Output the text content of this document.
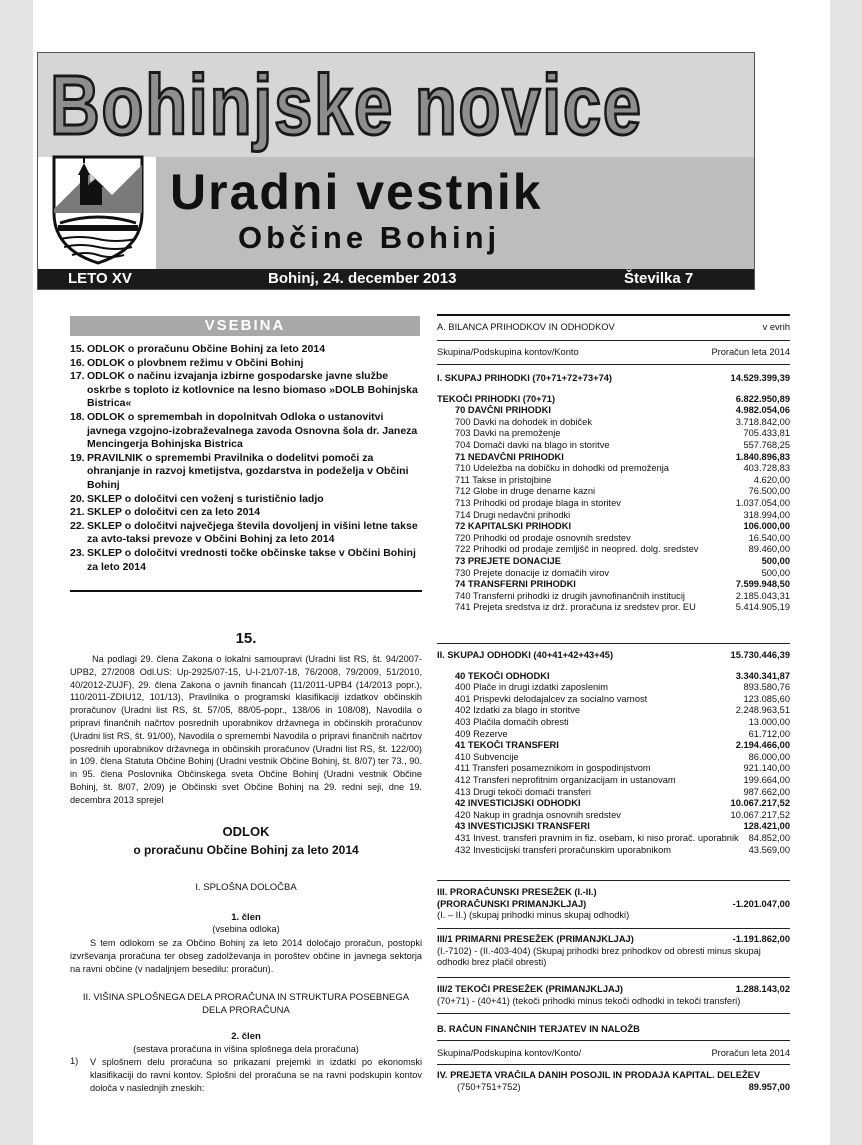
Bohinjske novice
Uradni vestnik
Občine Bohinj
LETO XV	Bohinj, 24. december 2013	Številka 7
VSEBINA
15. ODLOK o proračunu Občine Bohinj za leto 2014
16. ODLOK o plovbnem režimu v Občini Bohinj
17. ODLOK o načinu izvajanja izbirne gospodarske javne službe oskrbe s toploto iz kotlovnice na lesno biomaso »DOLB Bohinjska Bistrica«
18. ODLOK o spremembah in dopolnitvah Odloka o ustanovitvi javnega vzgojno-izobraževalnega zavoda Osnovna šola dr. Janeza Mencingerja Bohinjska Bistrica
19. PRAVILNIK o spremembi Pravilnika o dodelitvi pomoči za ohranjanje in razvoj kmetijstva, gozdarstva in podeželja v Občini Bohinj
20. SKLEP o določitvi cen voženj s turističnio ladjo
21. SKLEP o določitvi cen za leto 2014
22. SKLEP o določitvi največjega števila dovoljenj in višini letne takse za avto-taksi prevoze v Občini Bohinj za leto 2014
23. SKLEP o določitvi vrednosti točke občinske takse v Občini Bohinj za leto 2014
15.
Na podlagi 29. člena Zakona o lokalni samoupravi (Uradni list RS, št. 94/2007-UPB2, 27/2008 Odl.US: Up-2925/07-15, U-I-21/07-18, 76/2008, 79/2009, 51/2010, 40/2012-ZUJF), 29. člena Zakona o javnih financah (11/2011-UPB4 (14/2013 popr.), 110/2011-ZDIU12, 101/13), Pravilnika o programski klasifikaciji izdatkov občinskih proračunov (Uradni list RS, št. 57/05, 88/05-popr., 138/06 in 108/08), Navodila o pripravi finančnih načrtov posrednih uporabnikov državnega in občinskih proračunov (Uradni list RS, št. 91/00), Navodila o spremembi Navodila o pripravi finančnih načrtov posrednih uporabnikov državnega in občinskih proračunov (Uradni list RS, št. 122/00) in 109. člena Statuta Občine Bohinj (Uradni vestnik Občine Bohinj, št. 8/07) ter 73., 90. in 95. člena Poslovnika Občinskega sveta Občine Bohinj (Uradni vestnik Občine Bohinj, št. 8/07, 2/09) je Občinski svet Občine Bohinj na 29. redni seji, dne 19. decembra 2013 sprejel
ODLOK
o proračunu Občine Bohinj za leto 2014
I. SPLOŠNA DOLOČBA
1. člen
(vsebina odloka)
S tem odlokom se za Občino Bohinj za leto 2014 določajo proračun, postopki izvrševanja proračuna ter obseg zadolževanja in poroštev občine in javnega sektorja na ravni občine (v nadaljnjem besedilu: proračun).
II. VIŠINA SPLOŠNEGA DELA PRORAČUNA IN STRUKTURA POSEBNEGA DELA PRORAČUNA
2. člen
(sestava proračuna in višina splošnega dela proračuna)
1) V splošnem delu proračuna so prikazani prejemki in izdatki po ekonomski klasifikaciji do ravni kontov. Splošni del proračuna se na ravni podskupin kontov določa v naslednjih zneskih:
A. BILANCA PRIHODKOV IN ODHODKOV	v evrih
Skupina/Podskupina kontov/Konto	Proračun leta 2014
I. SKUPAJ PRIHODKI (70+71+72+73+74)	14.529.399,39
TEKOČI PRIHODKI (70+71)	6.822.950,89
70 DAVČNI PRIHODKI	4.982.054,06
700 Davki na dohodek in dobiček	3.718.842,00
703 Davki na premoženje	705.433,81
704 Domači davki na blago in storitve	557.768,25
71 NEDAVČNI PRIHODKI	1.840.896,83
710 Udeležba na dobičku in dohodki od premoženja	403.728,83
711 Takse in pristojbine	4.620,00
712 Globe in druge denarne kazni	76.500,00
713 Prihodki od prodaje blaga in storitev	1.037.054,00
714 Drugi nedavčni prihodki	318.994,00
72 KAPITALSKI PRIHODKI	106.000,00
720 Prihodki od prodaje osnovnih sredstev	16.540,00
722 Prihodki od prodaje zemljišč in neopred. dolg. sredstev	89.460,00
73 PREJETE DONACIJE	500,00
730 Prejete donacije iz domačih virov	500,00
74 TRANSFERNI PRIHODKI	7.599.948,50
740 Transferni prihodki iz drugih javnofinančnih institucij	2.185.043,31
741 Prejeta sredstva iz drž. proračuna iz sredstev pror. EU	5.414.905,19
II. SKUPAJ ODHODKI (40+41+42+43+45)	15.730.446,39
40 TEKOČI ODHODKI	3.340.341,87
400 Plače in drugi izdatki zaposlenim	893.580,76
401 Prispevki delodajalcev za socialno varnost	123.085,60
402 Izdatki za blago in storitve	2.248.963,51
403 Plačila domačih obresti	13.000,00
409 Rezerve	61.712,00
41 TEKOČI TRANSFERI	2.194.466,00
410 Subvencije	86.000,00
411 Transferi posameznikom in gospodinjstvom	921.140,00
412 Transferi neprofitnim organizacijam in ustanovam	199.664,00
413 Drugi tekoči domači transferi	987.662,00
42 INVESTICIJSKI ODHODKI	10.067.217,52
420 Nakup in gradnja osnovnih sredstev	10.067.217,52
43 INVESTICIJSKI TRANSFERI	128.421,00
431 Invest. transferi pravnim in fiz. osebam, ki niso prorač. uporabnik	84.852,00
432 Investicijski transferi proračunskim uporabnikom	43.569,00
III. PRORAČUNSKI PRESEŽEK (I.-II.)
(PRORAČUNSKI PRIMANJKLJAJ)	-1.201.047,00
(I. – II.) (skupaj prihodki minus skupaj odhodki)
III/1 PRIMARNI PRESEŽEK (PRIMANJKLJAJ)	-1.191.862,00
(I.-7102) - (II.-403-404) (Skupaj prihodki brez prihodkov od obresti minus skupaj odhodki brez plačil obresti)
III/2 TEKOČI PRESEŽEK (PRIMANJKLJAJ)	1.288.143,02
(70+71) - (40+41) (tekoči prihodki minus tekoči odhodki in tekoči transferi)
B. RAČUN FINANČNIH TERJATEV IN NALOŽB
Skupina/Podskupina kontov/Konto/	Proračun leta 2014
IV. PREJETA VRAČILA DANIH POSOJIL IN PRODAJA KAPITAL. DELEŽEV
(750+751+752)	89.957,00
